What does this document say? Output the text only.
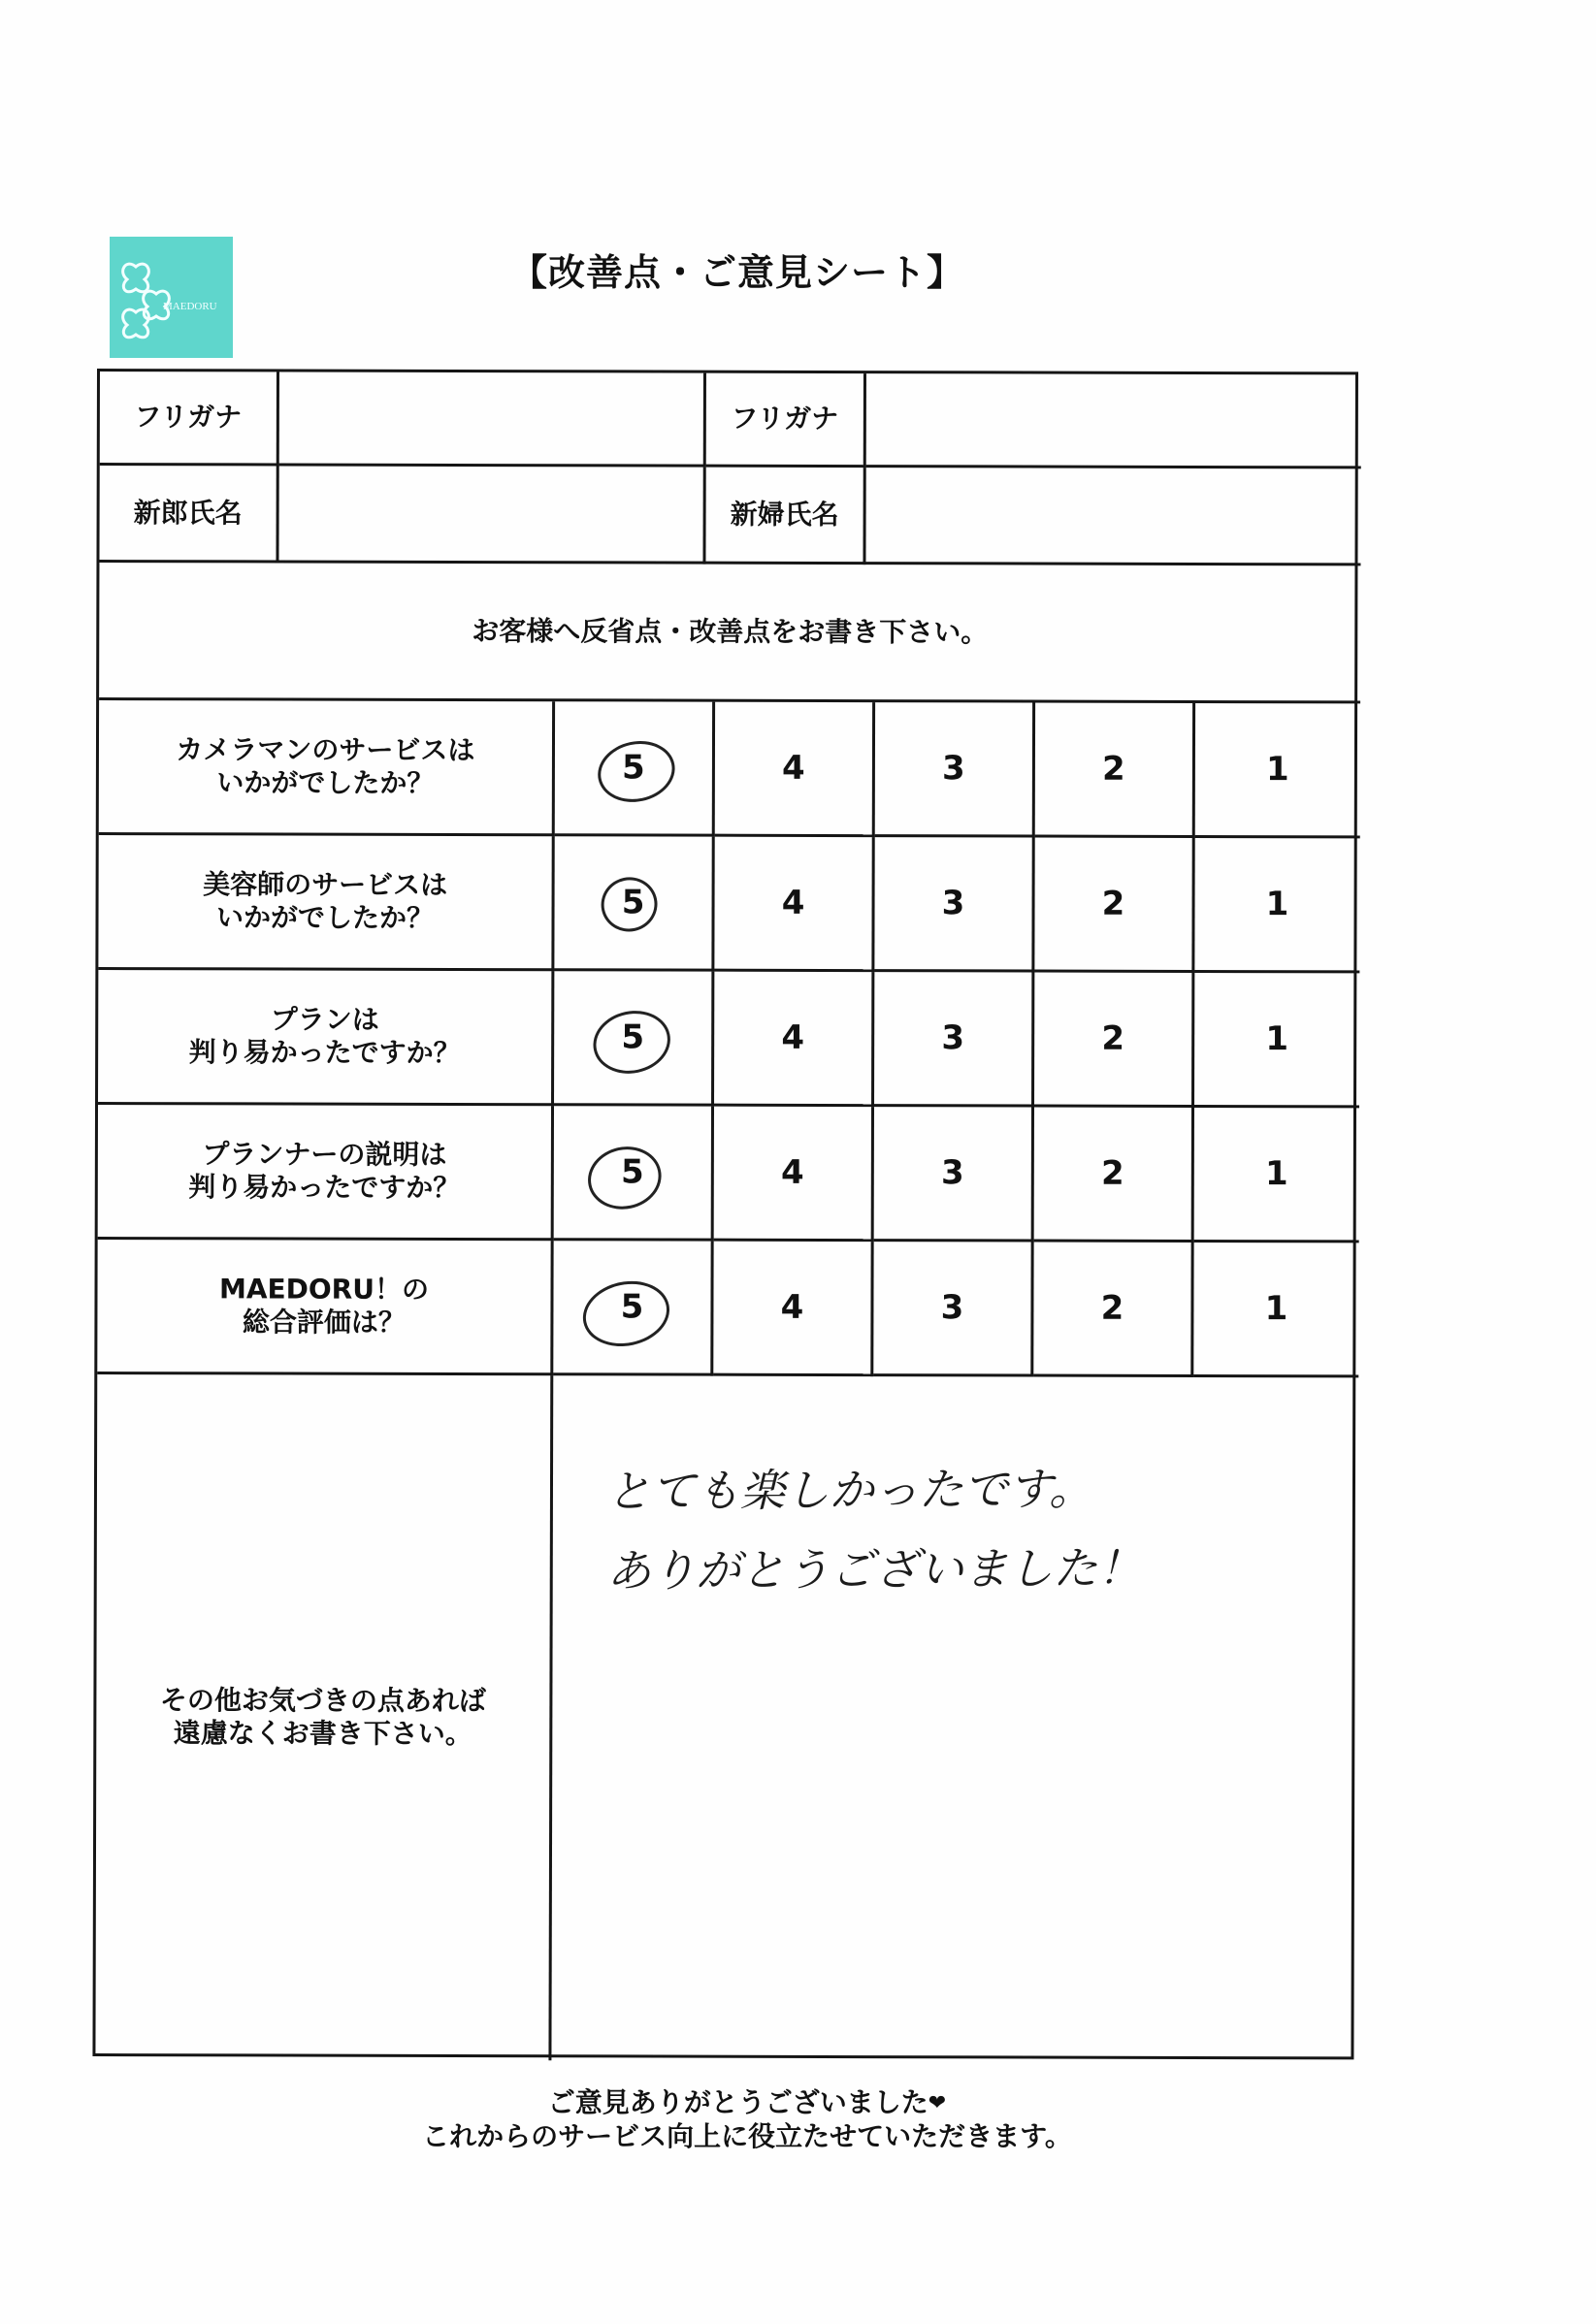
MAEDORU
【改善点・ご意見シート】
フリガナ	フリガナ
新郎氏名	新婦氏名
お客様へ反省点・改善点をお書き下さい。
カメラマンのサービスは
いかがでしたか？	5	4	3	2	1
美容師のサービスは
いかがでしたか？	5	4	3	2	1
プランは
判り易かったですか？	5	4	3	2	1
プランナーの説明は
判り易かったですか？	5	4	3	2	1
MAEDORU！の
総合評価は？	5	4	3	2	1
その他お気づきの点あれば
遠慮なくお書き下さい。
とても楽しかったです。
ありがとうございました！
ご意見ありがとうございました❤
これからのサービス向上に役立たせていただきます。
